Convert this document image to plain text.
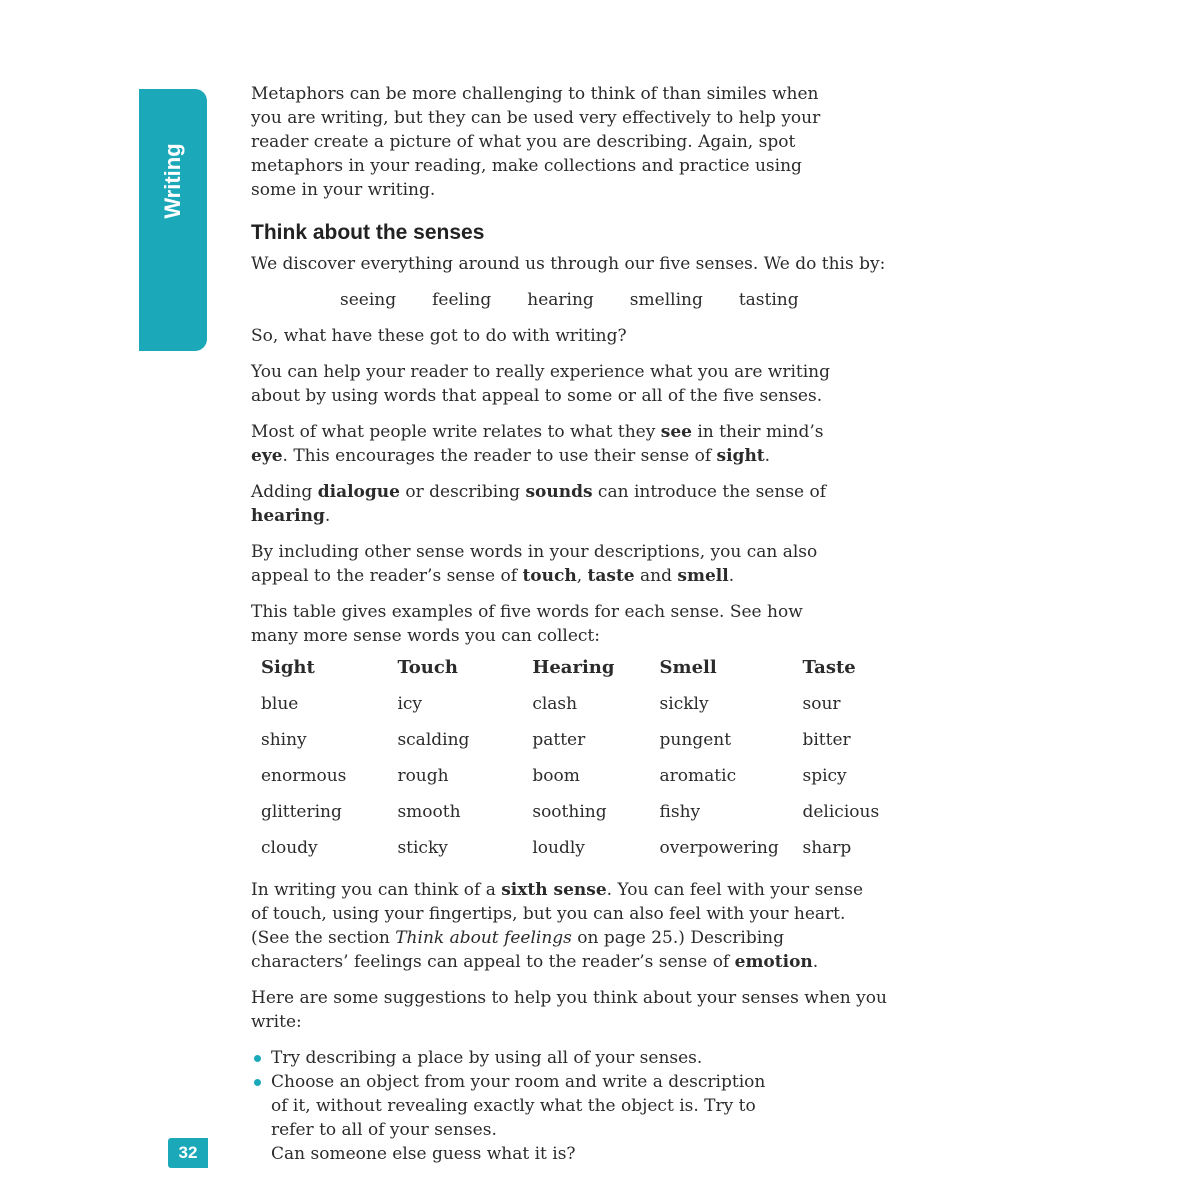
Writing

Metaphors can be more challenging to think of than similes when you are writing, but they can be used very effectively to help your reader create a picture of what you are describing. Again, spot metaphors in your reading, make collections and practice using some in your writing.

Think about the senses

We discover everything around us through our five senses. We do this by:

seeing feeling hearing smelling tasting

So, what have these got to do with writing?

You can help your reader to really experience what you are writing about by using words that appeal to some or all of the five senses.

Most of what people write relates to what they see in their mind’s eye. This encourages the reader to use their sense of sight.

Adding dialogue or describing sounds can introduce the sense of hearing.

By including other sense words in your descriptions, you can also appeal to the reader’s sense of touch, taste and smell.

This table gives examples of five words for each sense. See how many more sense words you can collect:

Sight	Touch	Hearing	Smell	Taste
blue	icy	clash	sickly	sour
shiny	scalding	patter	pungent	bitter
enormous	rough	boom	aromatic	spicy
glittering	smooth	soothing	fishy	delicious
cloudy	sticky	loudly	overpowering	sharp

In writing you can think of a sixth sense. You can feel with your sense of touch, using your fingertips, but you can also feel with your heart. (See the section Think about feelings on page 25.) Describing characters’ feelings can appeal to the reader’s sense of emotion.

Here are some suggestions to help you think about your senses when you write:

Try describing a place by using all of your senses.
Choose an object from your room and write a description
of it, without revealing exactly what the object is. Try to
refer to all of your senses.
Can someone else guess what it is?
32
